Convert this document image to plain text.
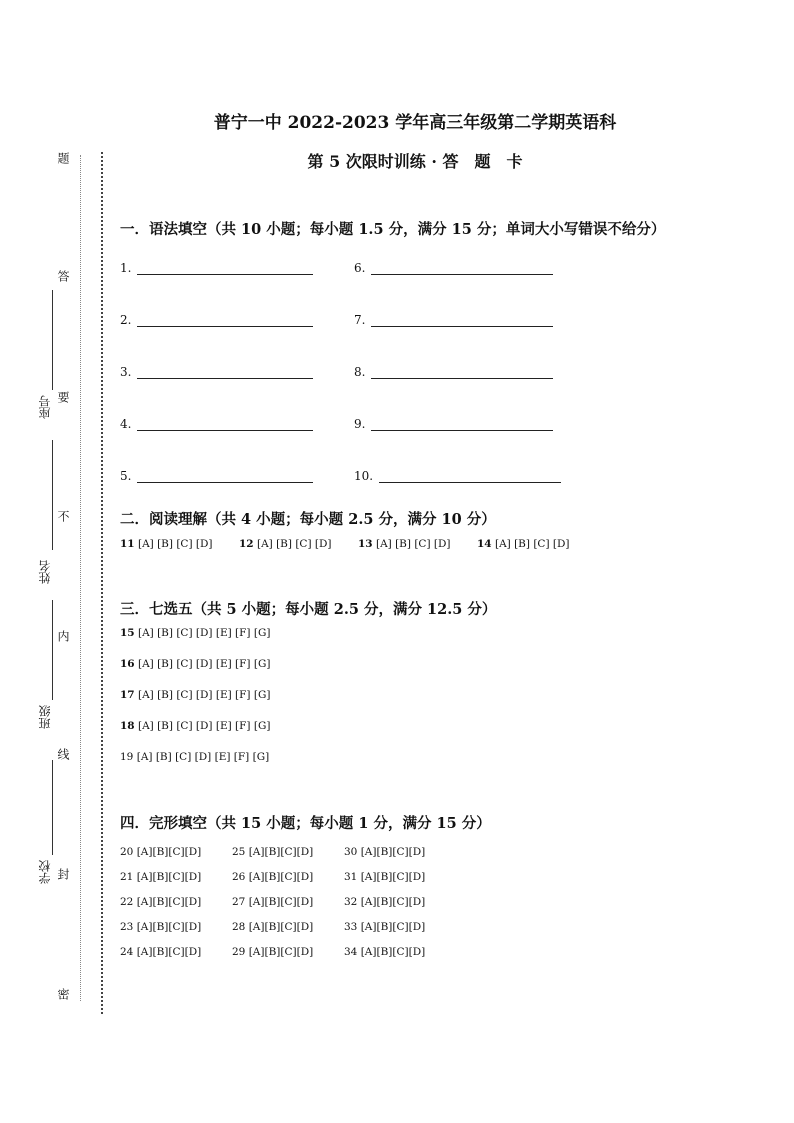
题
答
要
不
内
线
封
密
座号
姓名
班级
学校
普宁一中 2022-2023 学年高三年级第二学期英语科
第 5 次限时训练 · 答　题　卡
一．语法填空（共 10 小题；每小题 1.5 分，满分 15 分；单词大小写错误不给分）
1.
2.
3.
4.
5.
6.
7.
8.
9.
10.
二．阅读理解（共 4 小题；每小题 2.5 分，满分 10 分）
11 [A] [B] [C] [D]	12 [A] [B] [C] [D]	13 [A] [B] [C] [D]	14 [A] [B] [C] [D]
三．七选五（共 5 小题；每小题 2.5 分，满分 12.5 分）
15 [A] [B] [C] [D] [E] [F] [G]
16 [A] [B] [C] [D] [E] [F] [G]
17 [A] [B] [C] [D] [E] [F] [G]
18 [A] [B] [C] [D] [E] [F] [G]
19 [A] [B] [C] [D] [E] [F] [G]
四．完形填空（共 15 小题；每小题 1 分，满分 15 分）
20 [A][B][C][D]	25 [A][B][C][D]	30 [A][B][C][D]
21 [A][B][C][D]	26 [A][B][C][D]	31 [A][B][C][D]
22 [A][B][C][D]	27 [A][B][C][D]	32 [A][B][C][D]
23 [A][B][C][D]	28 [A][B][C][D]	33 [A][B][C][D]
24 [A][B][C][D]	29 [A][B][C][D]	34 [A][B][C][D]
